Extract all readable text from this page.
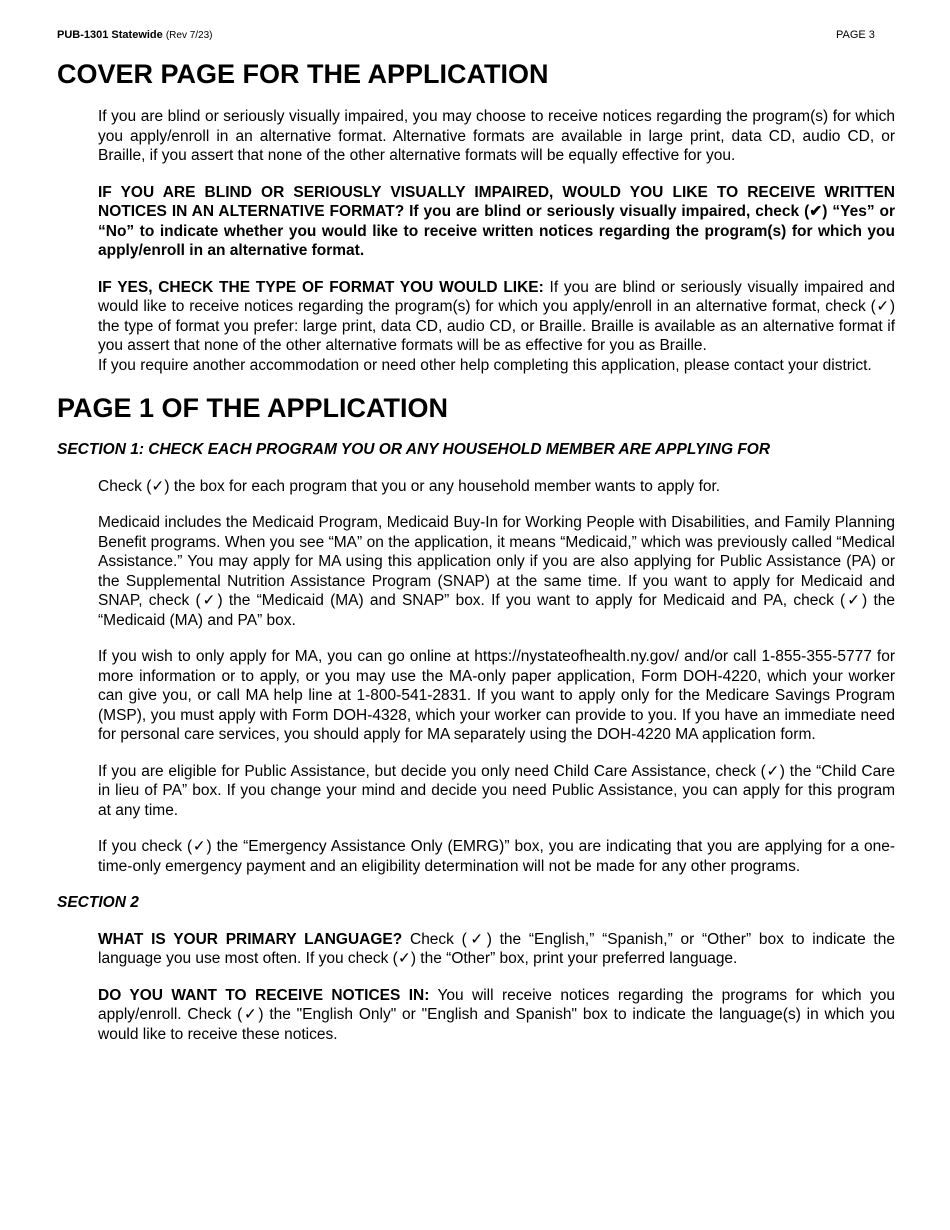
PUB-1301 Statewide (Rev 7/23)	PAGE 3
COVER PAGE FOR THE APPLICATION

If you are blind or seriously visually impaired, you may choose to receive notices regarding the program(s) for which you apply/enroll in an alternative format. Alternative formats are available in large print, data CD, audio CD, or Braille, if you assert that none of the other alternative formats will be equally effective for you.

IF YOU ARE BLIND OR SERIOUSLY VISUALLY IMPAIRED, WOULD YOU LIKE TO RECEIVE WRITTEN NOTICES IN AN ALTERNATIVE FORMAT? If you are blind or seriously visually impaired, check (✔) “Yes” or “No” to indicate whether you would like to receive written notices regarding the program(s) for which you apply/enroll in an alternative format.

IF YES, CHECK THE TYPE OF FORMAT YOU WOULD LIKE: If you are blind or seriously visually impaired and would like to receive notices regarding the program(s) for which you apply/enroll in an alternative format, check (✓) the type of format you prefer: large print, data CD, audio CD, or Braille. Braille is available as an alternative format if you assert that none of the other alternative formats will be as effective for you as Braille.

If you require another accommodation or need other help completing this application, please contact your district.

PAGE 1 OF THE APPLICATION
SECTION 1: CHECK EACH PROGRAM YOU OR ANY HOUSEHOLD MEMBER ARE APPLYING FOR

Check (✓) the box for each program that you or any household member wants to apply for.

Medicaid includes the Medicaid Program, Medicaid Buy-In for Working People with Disabilities, and Family Planning Benefit programs. When you see “MA” on the application, it means “Medicaid,” which was previously called “Medical Assistance.” You may apply for MA using this application only if you are also applying for Public Assistance (PA) or the Supplemental Nutrition Assistance Program (SNAP) at the same time. If you want to apply for Medicaid and SNAP, check (✓) the “Medicaid (MA) and SNAP” box. If you want to apply for Medicaid and PA, check (✓) the “Medicaid (MA) and PA” box.

If you wish to only apply for MA, you can go online at https://nystateofhealth.ny.gov/ and/or call 1-855-355-5777 for more information or to apply, or you may use the MA-only paper application, Form DOH-4220, which your worker can give you, or call MA help line at 1-800-541-2831. If you want to apply only for the Medicare Savings Program (MSP), you must apply with Form DOH-4328, which your worker can provide to you. If you have an immediate need for personal care services, you should apply for MA separately using the DOH-4220 MA application form.

If you are eligible for Public Assistance, but decide you only need Child Care Assistance, check (✓) the “Child Care in lieu of PA” box. If you change your mind and decide you need Public Assistance, you can apply for this program at any time.

If you check (✓) the “Emergency Assistance Only (EMRG)” box, you are indicating that you are applying for a one-time-only emergency payment and an eligibility determination will not be made for any other programs.

SECTION 2

WHAT IS YOUR PRIMARY LANGUAGE? Check (✓) the “English,” “Spanish,” or “Other” box to indicate the language you use most often. If you check (✓) the “Other” box, print your preferred language.

DO YOU WANT TO RECEIVE NOTICES IN: You will receive notices regarding the programs for which you apply/enroll. Check (✓) the "English Only" or "English and Spanish" box to indicate the language(s) in which you would like to receive these notices.
